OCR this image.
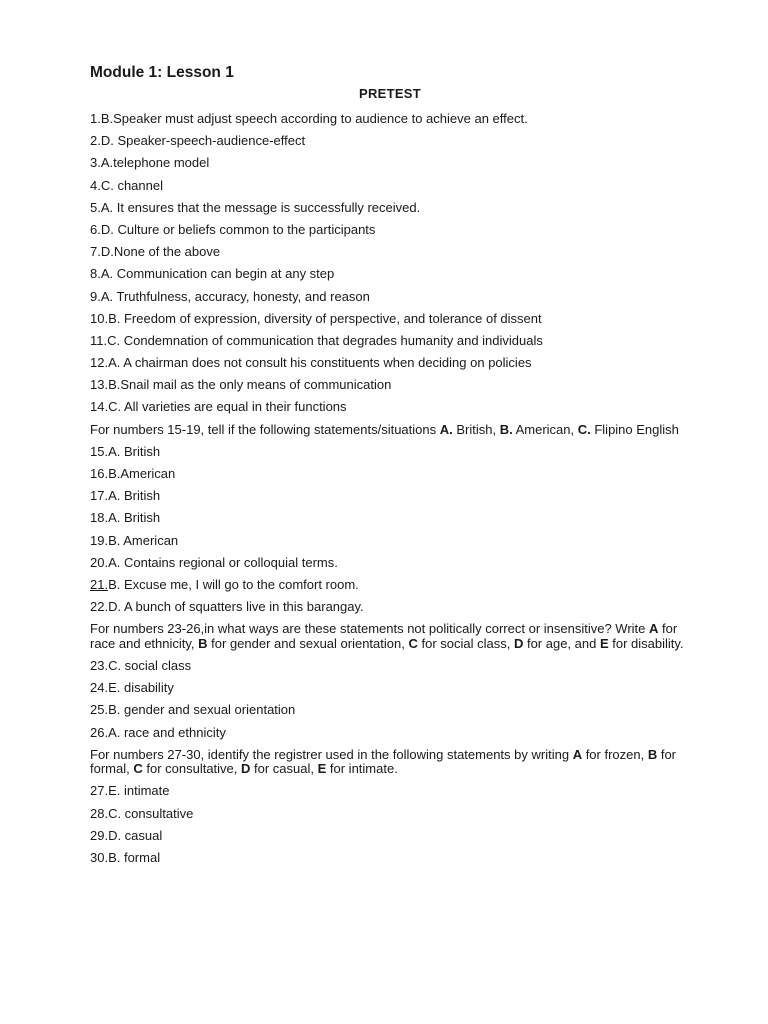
Module 1: Lesson 1
PRETEST

1.B.Speaker must adjust speech according to audience to achieve an effect.

2.D. Speaker-speech-audience-effect

3.A.telephone model

4.C. channel

5.A. It ensures that the message is successfully received.

6.D. Culture or beliefs common to the participants

7.D.None of the above

8.A. Communication can begin at any step

9.A. Truthfulness, accuracy, honesty, and reason

10.B. Freedom of expression, diversity of perspective, and tolerance of dissent

11.C. Condemnation of communication that degrades humanity and individuals

12.A. A chairman does not consult his constituents when deciding on policies

13.B.Snail mail as the only means of communication

14.C. All varieties are equal in their functions

For numbers 15-19, tell if the following statements/situations A. British, B. American, C. Flipino English

15.A. British

16.B.American

17.A. British

18.A. British

19.B. American

20.A. Contains regional or colloquial terms.

21.B. Excuse me, I will go to the comfort room.

22.D. A bunch of squatters live in this barangay.

For numbers 23-26,in what ways are these statements not politically correct or insensitive? Write A for race and ethnicity, B for gender and sexual orientation, C for social class, D for age, and E for disability.

23.C. social class

24.E. disability

25.B. gender and sexual orientation

26.A. race and ethnicity

For numbers 27-30, identify the registrer used in the following statements by writing A for frozen, B for formal, C for consultative, D for casual, E for intimate.

27.E. intimate

28.C. consultative

29.D. casual

30.B. formal
